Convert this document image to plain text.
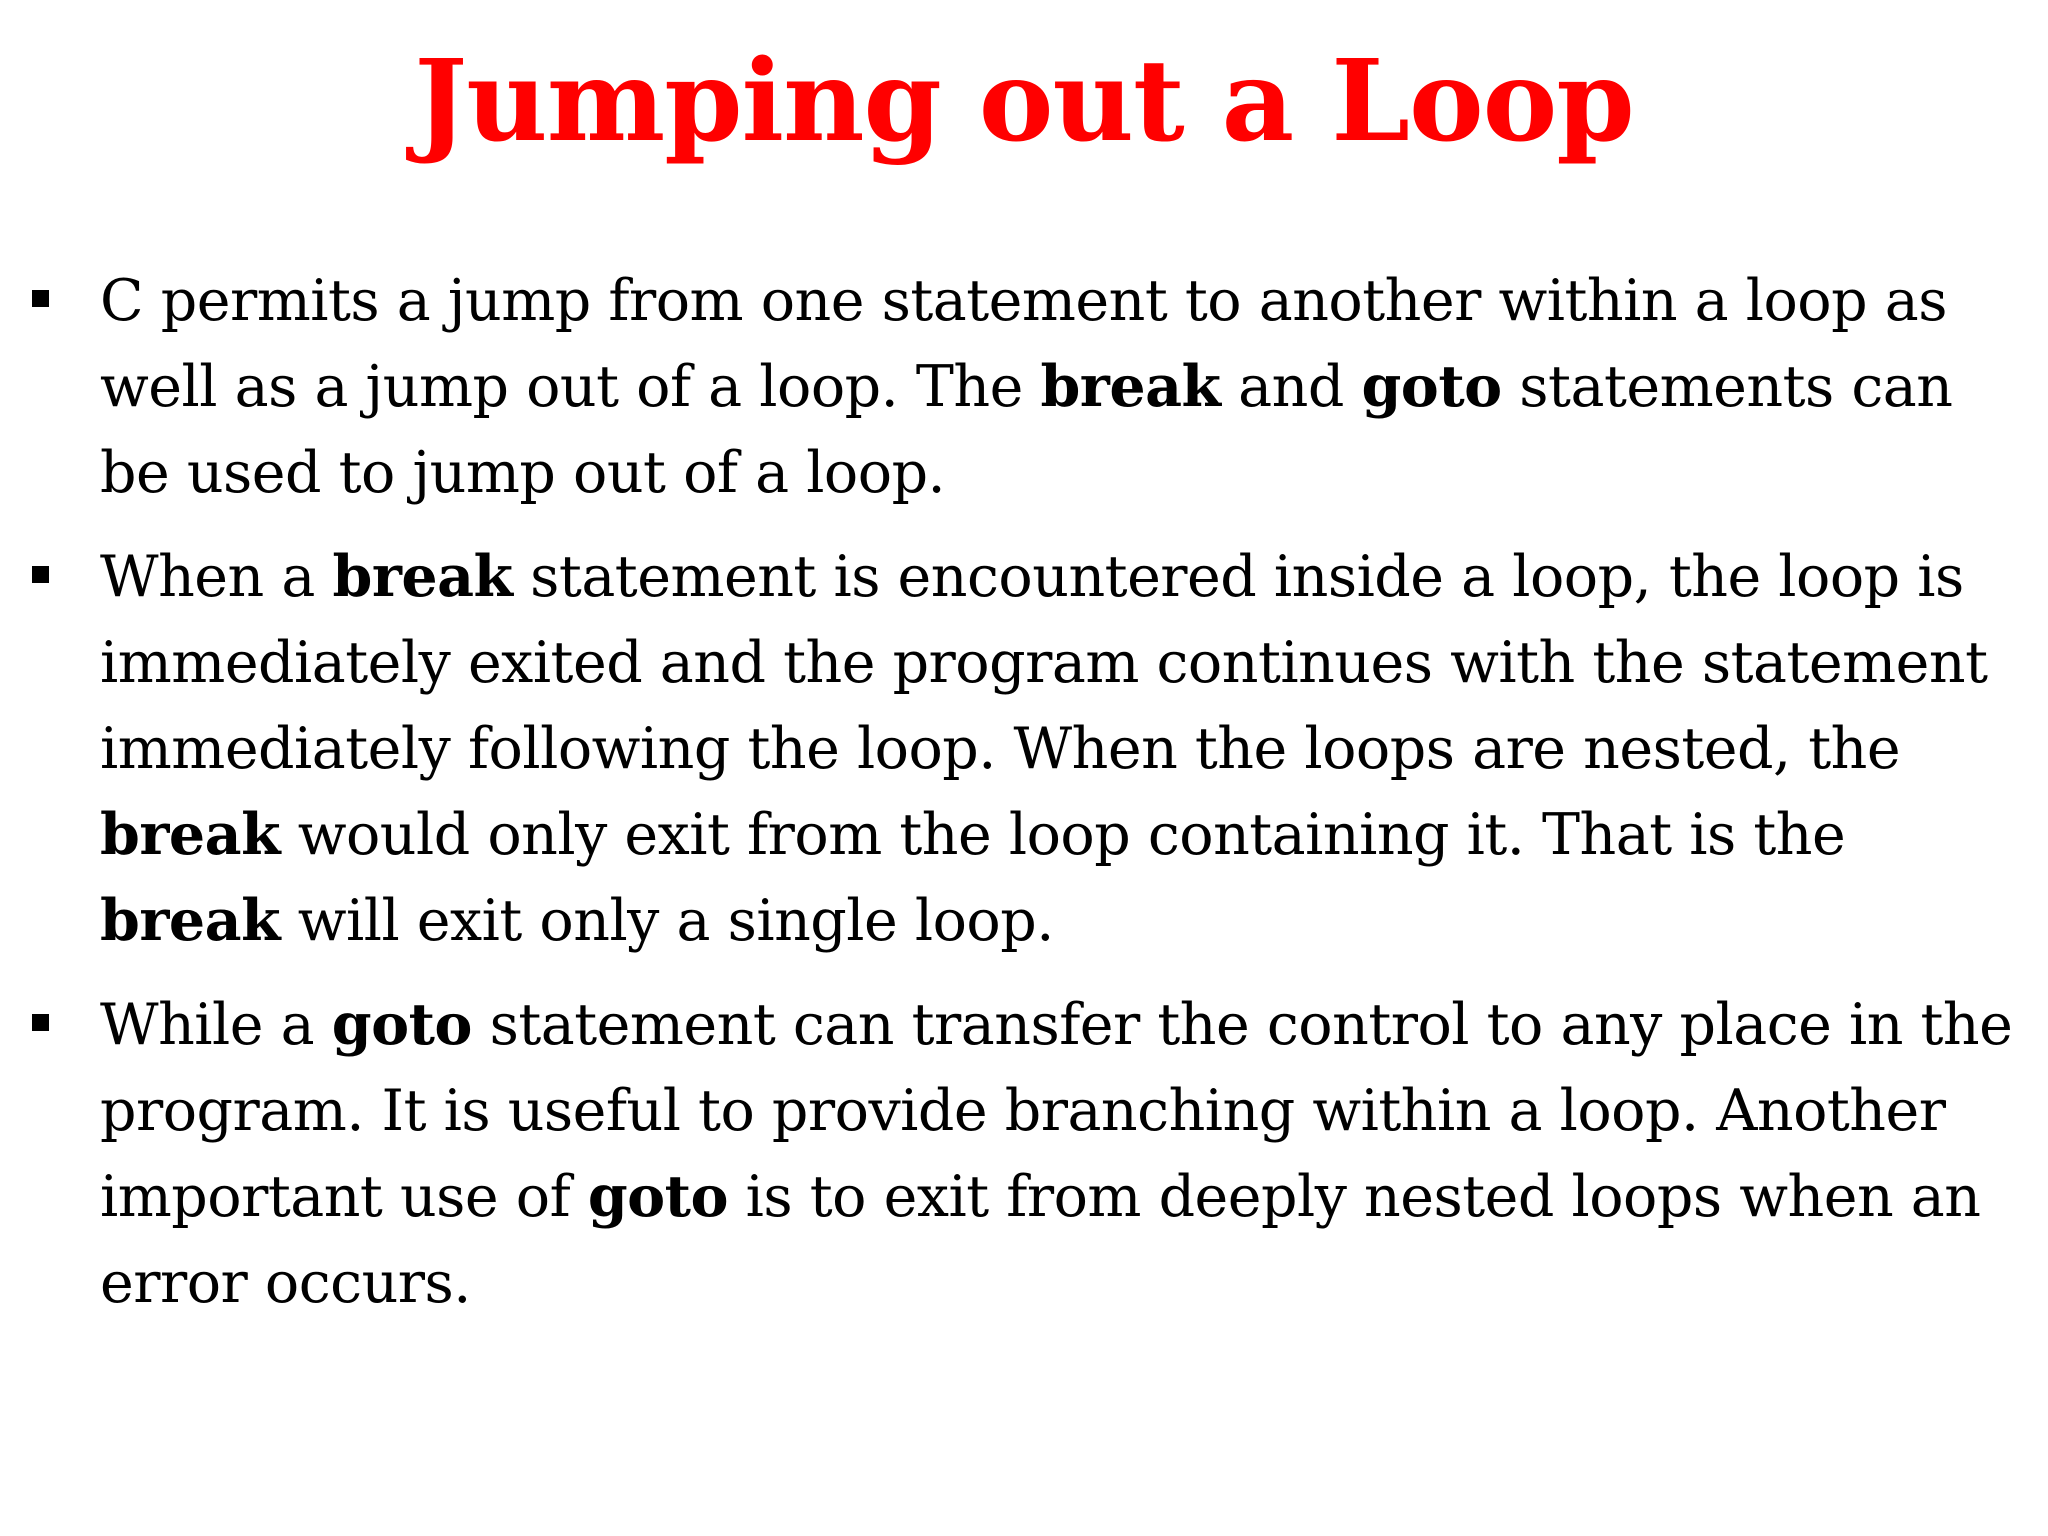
Jumping out a Loop
C permits a jump from one statement to another within a loop as well as a jump out of a loop. The break and goto statements can be used to jump out of a loop.
When a break statement is encountered inside a loop, the loop is immediately exited and the program continues with the statement immediately following the loop. When the loops are nested, the break would only exit from the loop containing it. That is the break will exit only a single loop.
While a goto statement can transfer the control to any place in the program. It is useful to provide branching within a loop. Another important use of goto is to exit from deeply nested loops when an error occurs.
